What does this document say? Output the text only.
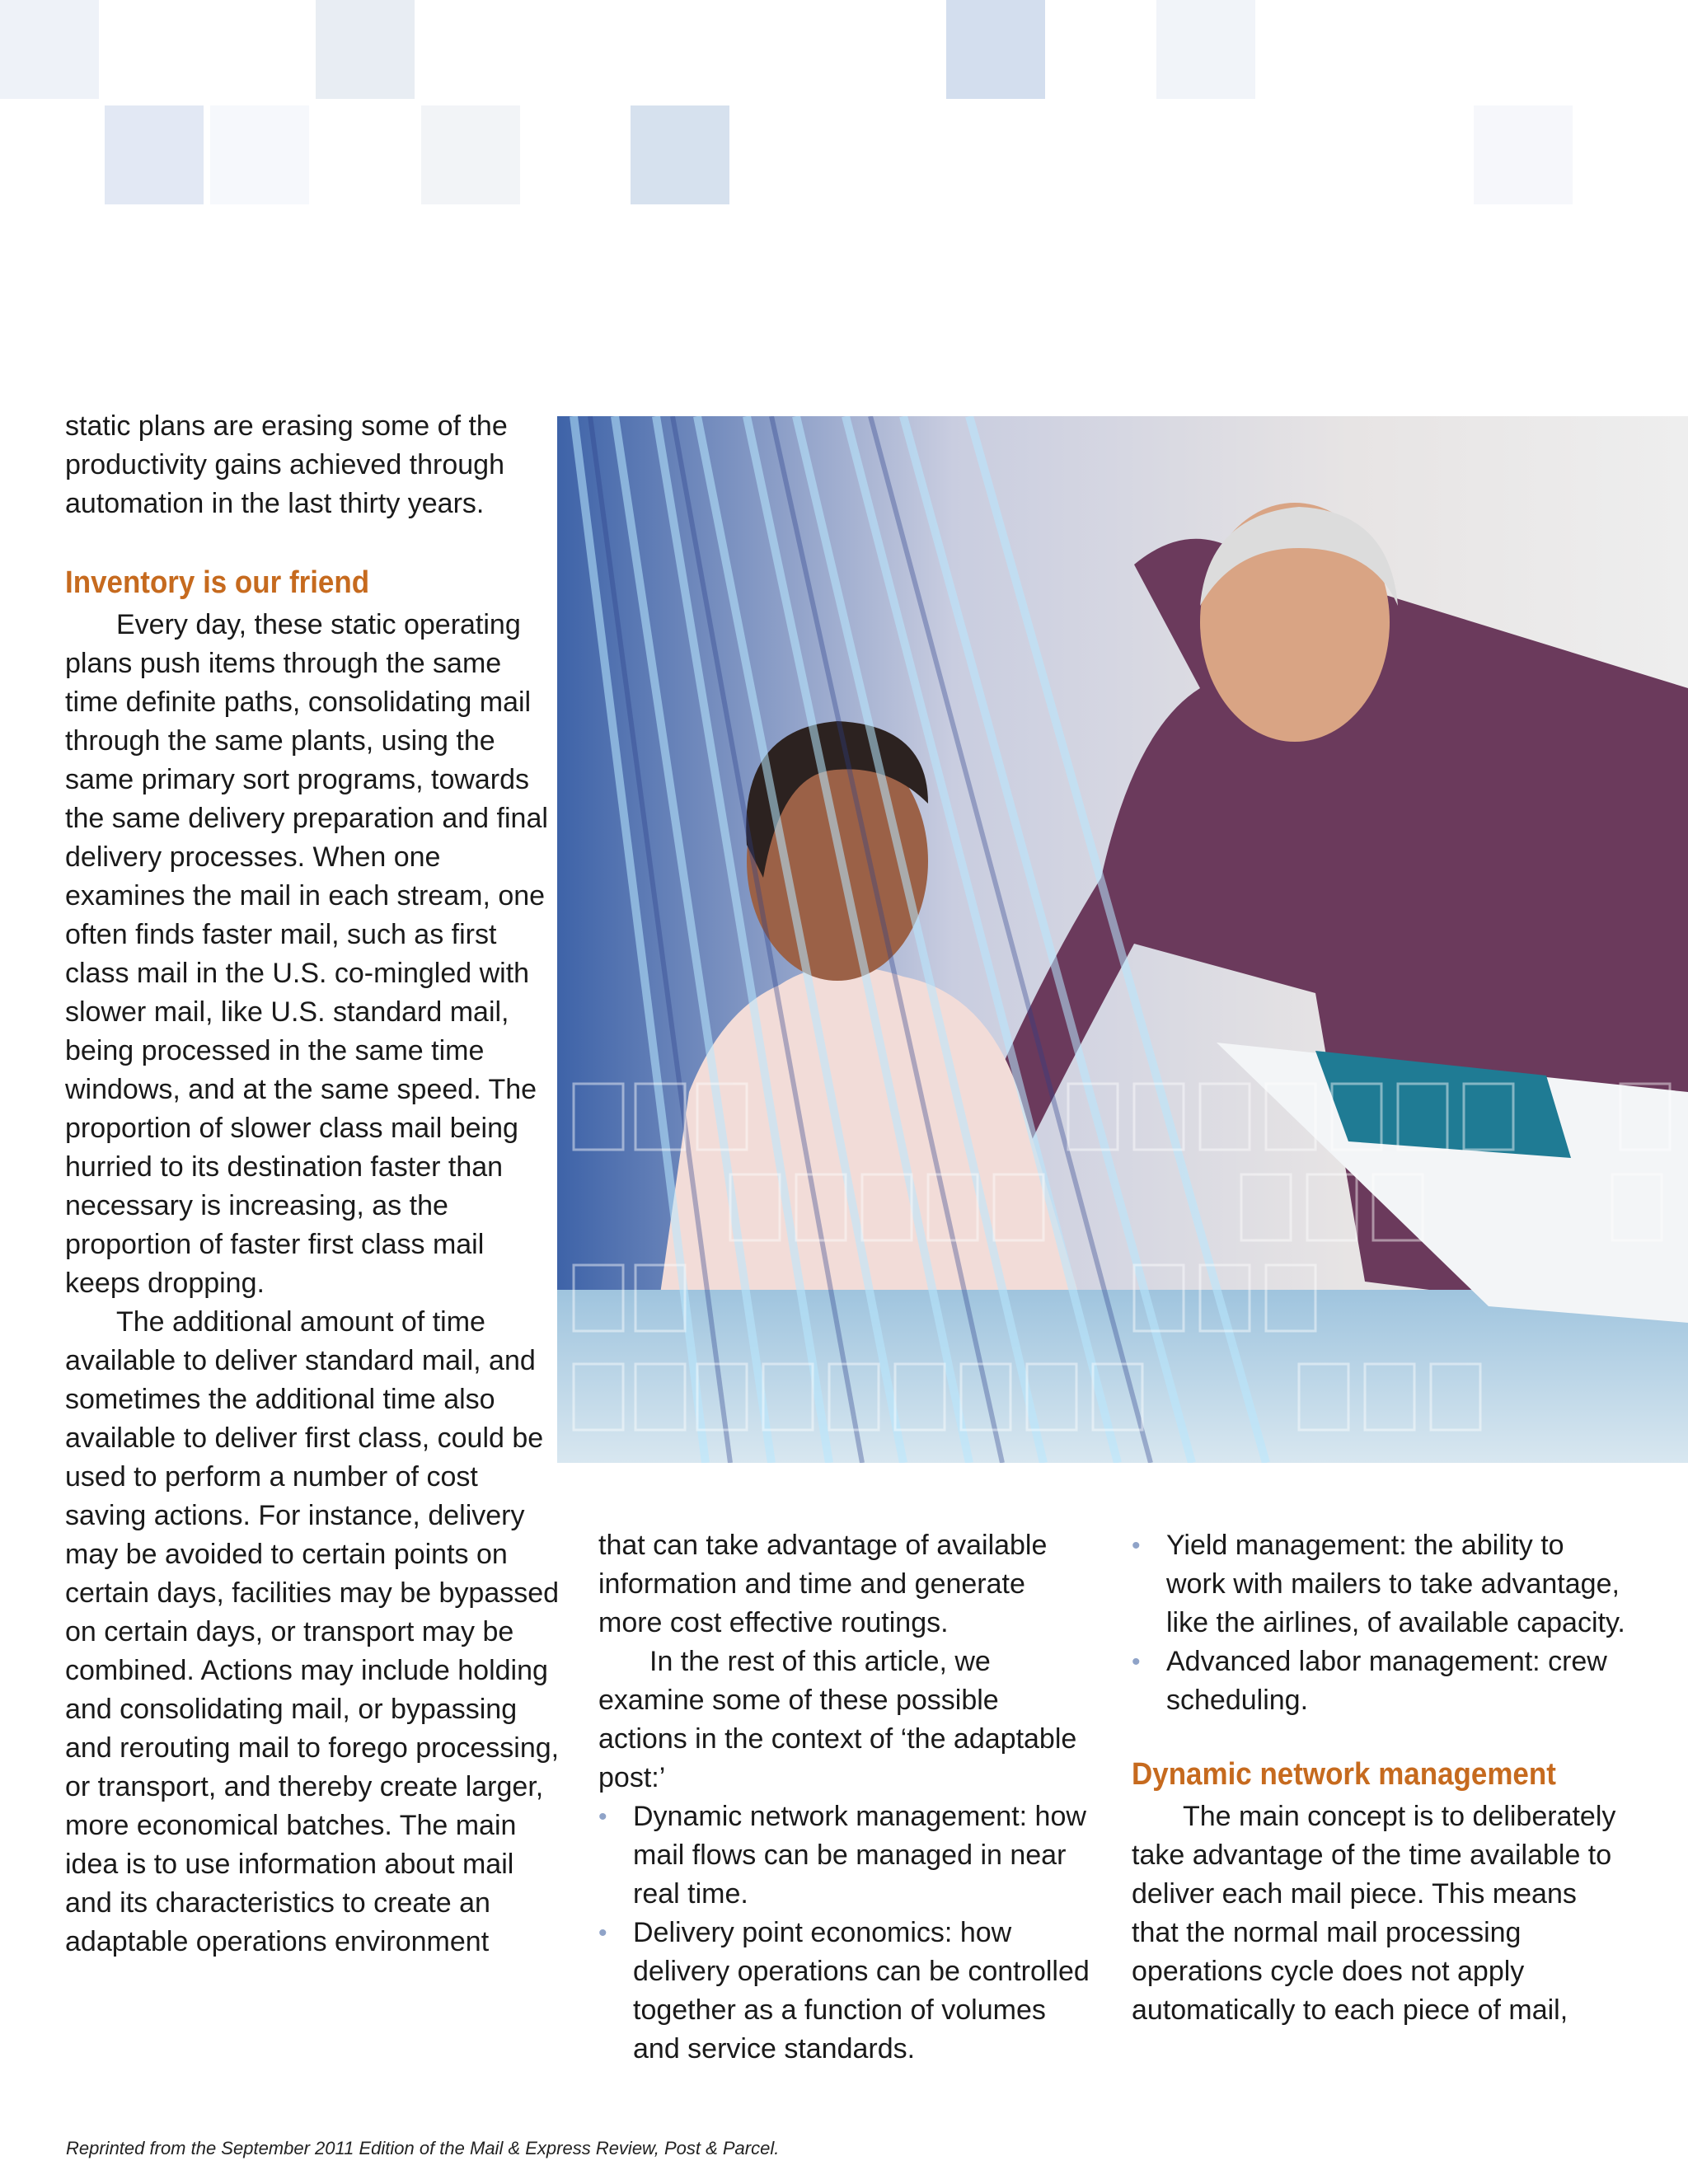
static plans are erasing some of the productivity gains achieved through automation in the last thirty years.

Inventory is our friend

Every day, these static operating plans push items through the same time definite paths, consolidating mail through the same plants, using the same primary sort programs, towards the same delivery preparation and final delivery processes. When one examines the mail in each stream, one often finds faster mail, such as first class mail in the U.S. co-mingled with slower mail, like U.S. standard mail, being processed in the same time windows, and at the same speed. The proportion of slower class mail being hurried to its destination faster than necessary is increasing, as the proportion of faster first class mail keeps dropping.

The additional amount of time available to deliver standard mail, and sometimes the additional time also available to deliver first class, could be used to perform a number of cost saving actions. For instance, delivery may be avoided to certain points on certain days, facilities may be bypassed on certain days, or transport may be combined. Actions may include holding and consolidating mail, or bypassing and rerouting mail to forego processing, or transport, and thereby create larger, more economical batches. The main idea is to use information about mail and its characteristics to create an adaptable operations environment

that can take advantage of available information and time and generate more cost effective routings.

In the rest of this article, we examine some of these possible actions in the context of ‘the adaptable post:’

• Dynamic network management: how mail flows can be managed in near real time.
• Delivery point economics: how delivery operations can be controlled together as a function of volumes and service standards.
• Yield management: the ability to work with mailers to take advantage, like the airlines, of available capacity.
• Advanced labor management: crew scheduling.
Dynamic network management

The main concept is to deliberately take advantage of the time available to deliver each mail piece. This means that the normal mail processing operations cycle does not apply automatically to each piece of mail,

Reprinted from the September 2011 Edition of the Mail & Express Review, Post & Parcel.
